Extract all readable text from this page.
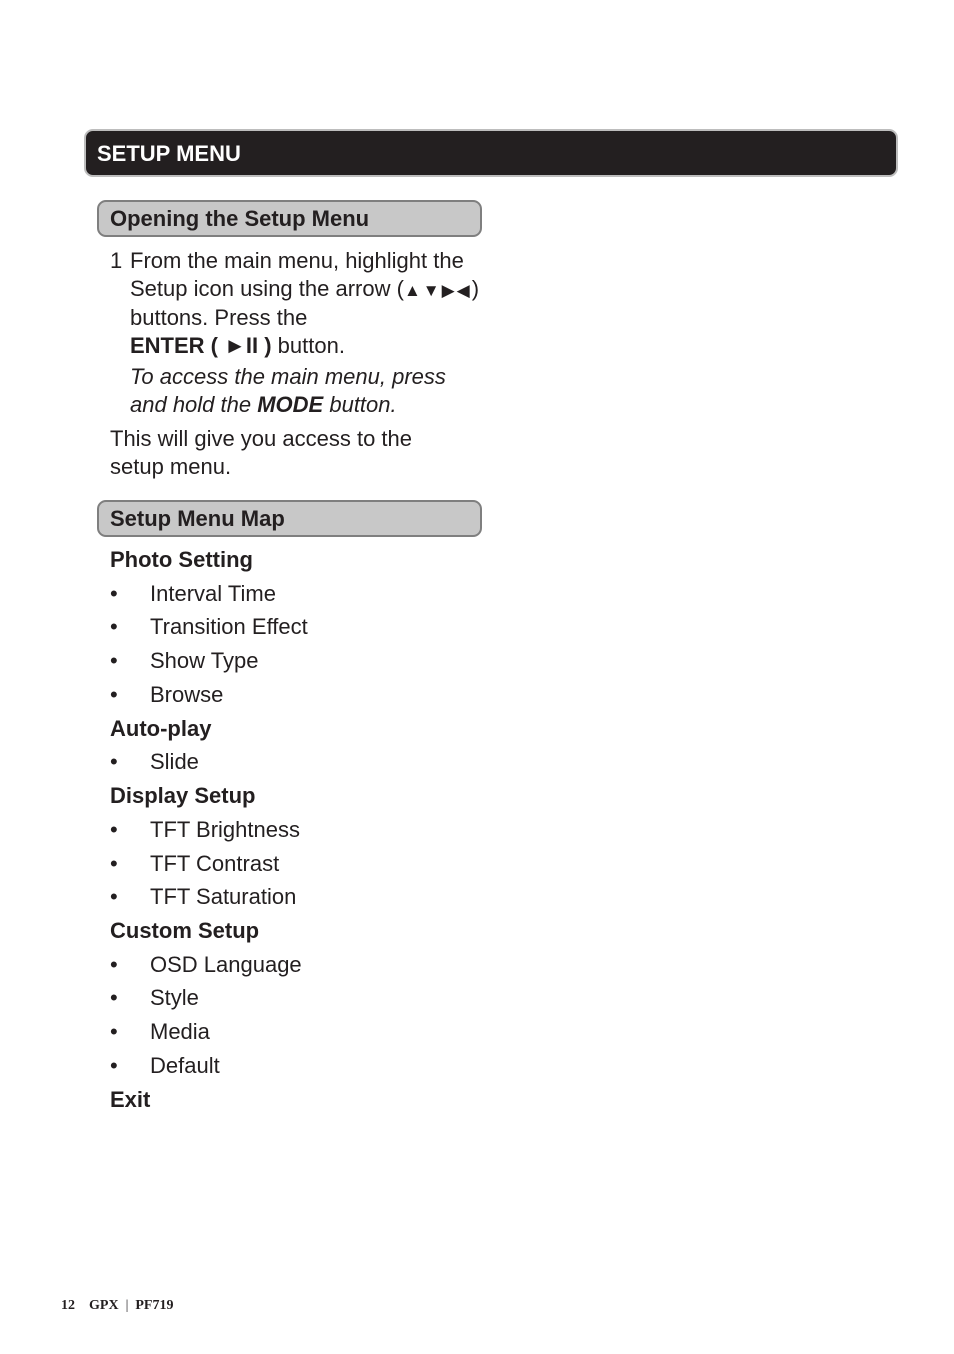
SETUP MENU
Opening the Setup Menu
1 From the main menu, highlight the Setup icon using the arrow (▲▼▶◀) buttons. Press the
ENTER ( ►II ) button.
To access the main menu, press and hold the MODE button.
This will give you access to the setup menu.
Setup Menu Map
Photo Setting
• Interval Time
• Transition Effect
• Show Type
• Browse
Auto-play
• Slide
Display Setup
• TFT Brightness
• TFT Contrast
• TFT Saturation
Custom Setup
• OSD Language
• Style
• Media
• Default
Exit
12 GPX | PF719
